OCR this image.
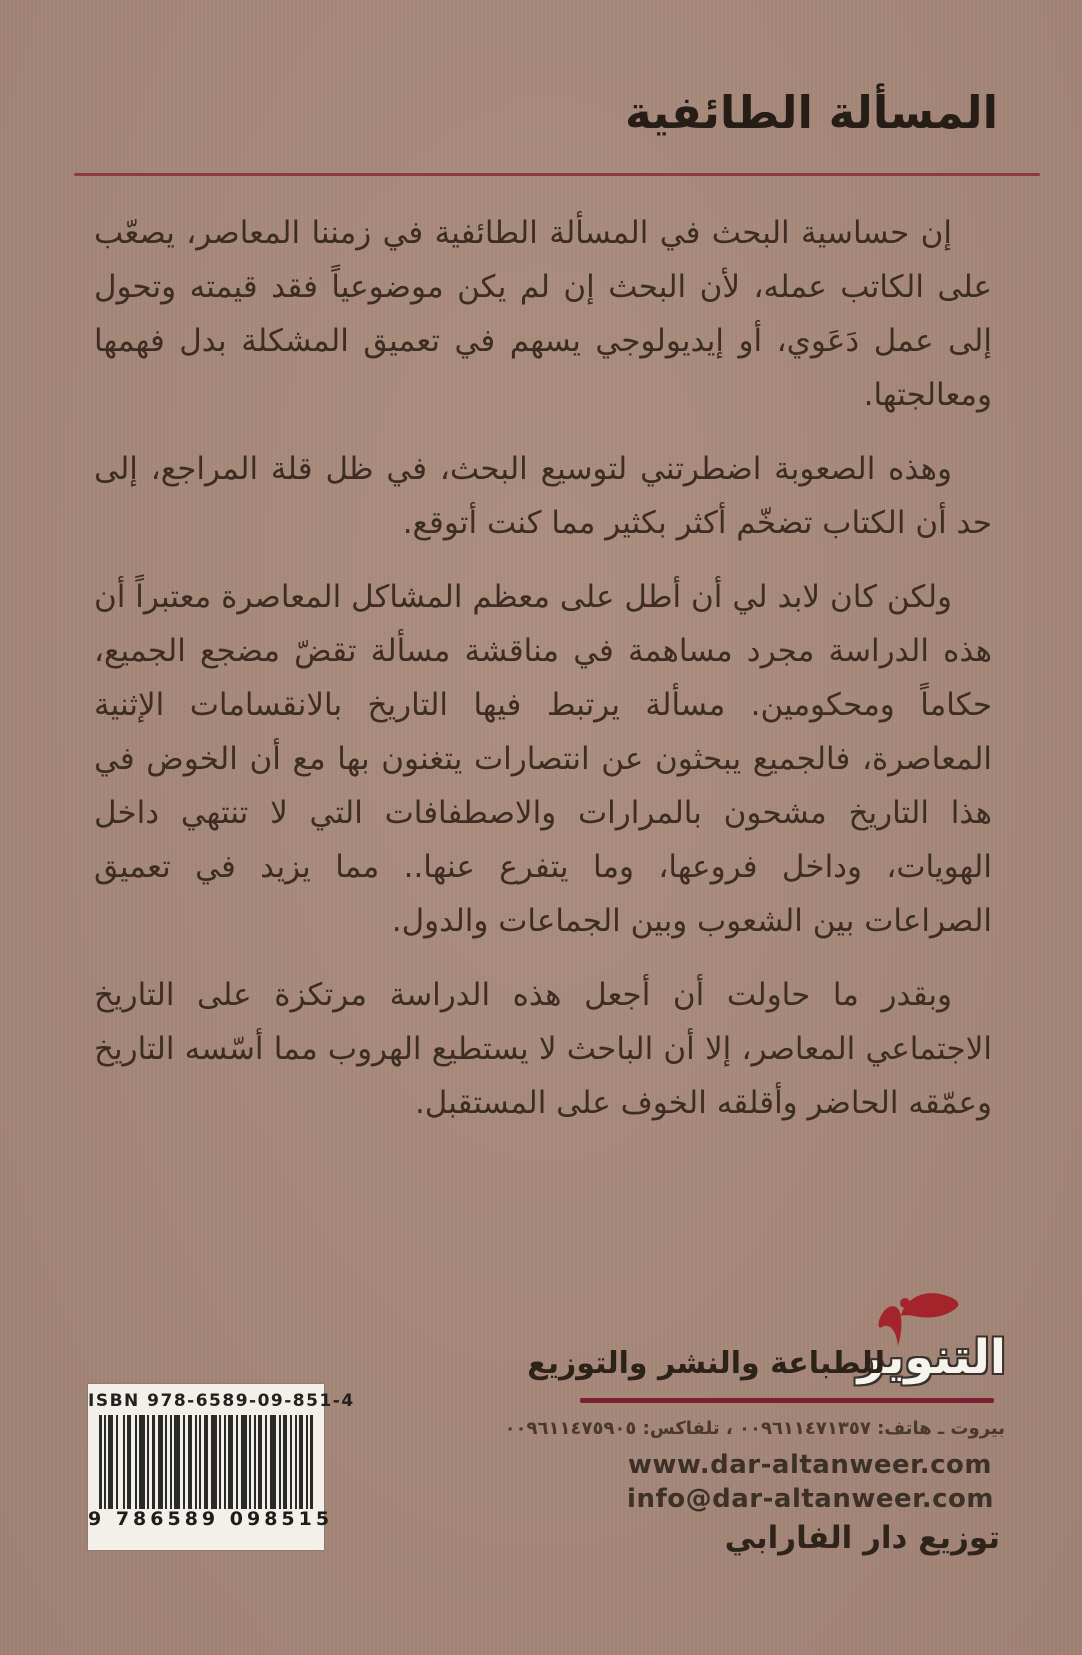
المسألة الطائفية

إن حساسية البحث في المسألة الطائفية في زمننا المعاصر، يصعّب على الكاتب عمله، لأن البحث إن لم يكن موضوعياً فقد قيمته وتحول إلى عمل دَعَوي، أو إيديولوجي يسهم في تعميق المشكلة بدل فهمها ومعالجتها.

وهذه الصعوبة اضطرتني لتوسيع البحث، في ظل قلة المراجع، إلى حد أن الكتاب تضخّم أكثر بكثير مما كنت أتوقع.

ولكن كان لابد لي أن أطل على معظم المشاكل المعاصرة معتبراً أن هذه الدراسة مجرد مساهمة في مناقشة مسألة تقضّ مضجع الجميع، حكاماً ومحكومين. مسألة يرتبط فيها التاريخ بالانقسامات الإثنية المعاصرة، فالجميع يبحثون عن انتصارات يتغنون بها مع أن الخوض في هذا التاريخ مشحون بالمرارات والاصطفافات التي لا تنتهي داخل الهويات، وداخل فروعها، وما يتفرع عنها.. مما يزيد في تعميق الصراعات بين الشعوب وبين الجماعات والدول.

وبقدر ما حاولت أن أجعل هذه الدراسة مرتكزة على التاريخ الاجتماعي المعاصر، إلا أن الباحث لا يستطيع الهروب مما أسّسه التاريخ وعمّقه الحاضر وأقلقه الخوف على المستقبل.

ISBN 978-6589-09-851-4
9 786589 098515
التنوير
للطباعة والنشر والتوزيع
بيروت ـ هاتف: ٠٠٩٦١١٤٧١٣٥٧ ، تلفاكس: ٠٠٩٦١١٤٧٥٩٠٥
www.dar-altanweer.com
info@dar-altanweer.com
توزيع دار الفارابي
